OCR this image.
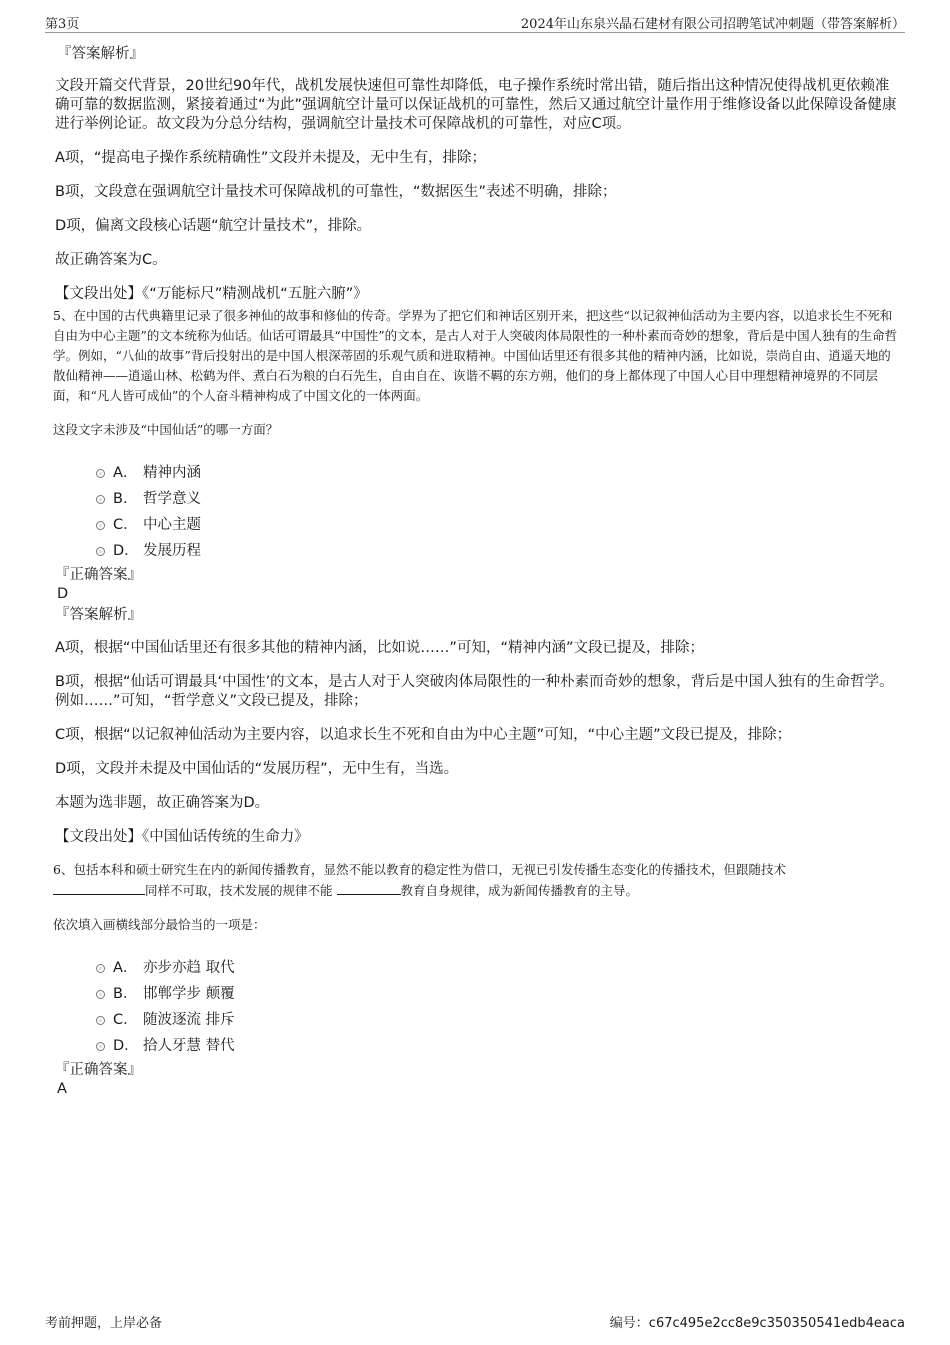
第3页	2024年山东泉兴晶石建材有限公司招聘笔试冲刺题（带答案解析）
『答案解析』

文段开篇交代背景，20世纪90年代，战机发展快速但可靠性却降低，电子操作系统时常出错，随后指出这种情况使得战机更依赖准确可靠的数据监测，紧接着通过“为此”强调航空计量可以保证战机的可靠性，然后又通过航空计量作用于维修设备以此保障设备健康进行举例论证。故文段为分总分结构，强调航空计量技术可保障战机的可靠性，对应C项。

A项，“提高电子操作系统精确性”文段并未提及，无中生有，排除；

B项，文段意在强调航空计量技术可保障战机的可靠性，“数据医生”表述不明确，排除；

D项，偏离文段核心话题“航空计量技术”，排除。

故正确答案为C。

【文段出处】《“万能标尺”精测战机“五脏六腑”》

5、在中国的古代典籍里记录了很多神仙的故事和修仙的传奇。学界为了把它们和神话区别开来，把这些“以记叙神仙活动为主要内容，以追求长生不死和自由为中心主题”的文本统称为仙话。仙话可谓最具“中国性”的文本，是古人对于人突破肉体局限性的一种朴素而奇妙的想象，背后是中国人独有的生命哲学。例如，“八仙的故事”背后投射出的是中国人根深蒂固的乐观气质和进取精神。中国仙话里还有很多其他的精神内涵，比如说，崇尚自由、逍遥天地的散仙精神——逍遥山林、松鹤为伴、煮白石为粮的白石先生，自由自在、诙谐不羁的东方朔，他们的身上都体现了中国人心目中理想精神境界的不同层面，和“凡人皆可成仙”的个人奋斗精神构成了中国文化的一体两面。

这段文字未涉及“中国仙话”的哪一方面？

A． 精神内涵
B． 哲学意义
C． 中心主题
D． 发展历程
『正确答案』
D
『答案解析』

A项，根据“中国仙话里还有很多其他的精神内涵，比如说……”可知，“精神内涵”文段已提及，排除；

B项，根据“仙话可谓最具‘中国性’的文本，是古人对于人突破肉体局限性的一种朴素而奇妙的想象，背后是中国人独有的生命哲学。例如……”可知，“哲学意义”文段已提及，排除；

C项，根据“以记叙神仙活动为主要内容，以追求长生不死和自由为中心主题”可知，“中心主题”文段已提及，排除；

D项，文段并未提及中国仙话的“发展历程”，无中生有，当选。

本题为选非题，故正确答案为D。

【文段出处】《中国仙话传统的生命力》

6、包括本科和硕士研究生在内的新闻传播教育，显然不能以教育的稳定性为借口，无视已引发传播生态变化的传播技术，但跟随技术
同样不可取，技术发展的规律不能	教育自身规律，成为新闻传播教育的主导。

依次填入画横线部分最恰当的一项是：

A． 亦步亦趋 取代
B． 邯郸学步 颠覆
C． 随波逐流 排斥
D． 拾人牙慧 替代
『正确答案』
A
考前押题，上岸必备	编号：c67c495e2cc8e9c350350541edb4eaca
